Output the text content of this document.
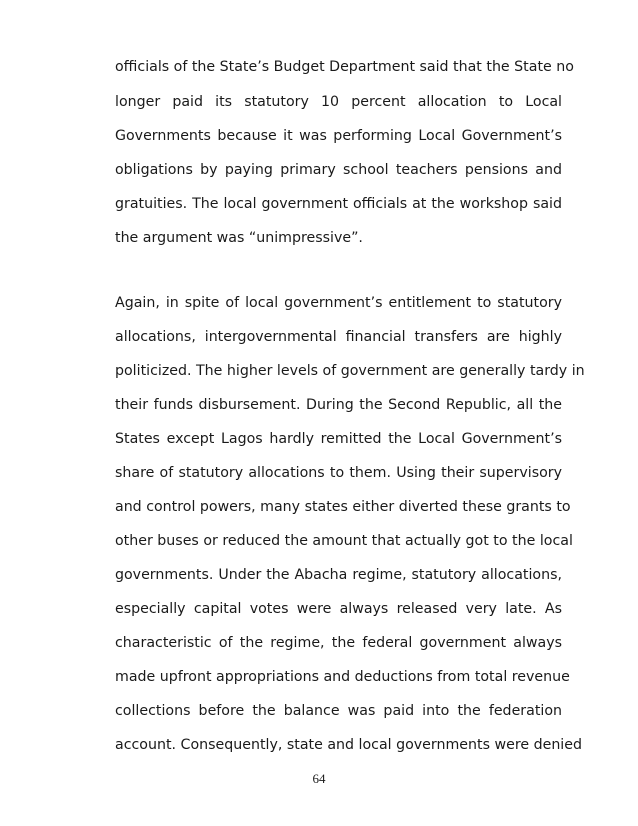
officials of the State’s Budget Department said that the State no
longer paid its statutory 10 percent allocation to Local
Governments because it was performing Local Government’s
obligations by paying primary school teachers pensions and
gratuities. The local government officials at the workshop said
the argument was “unimpressive”.
Again, in spite of local government’s entitlement to statutory
allocations, intergovernmental financial transfers are highly
politicized. The higher levels of government are generally tardy in
their funds disbursement. During the Second Republic, all the
States except Lagos hardly remitted the Local Government’s
share of statutory allocations to them. Using their supervisory
and control powers, many states either diverted these grants to
other buses or reduced the amount that actually got to the local
governments. Under the Abacha regime, statutory allocations,
especially capital votes were always released very late. As
characteristic of the regime, the federal government always
made upfront appropriations and deductions from total revenue
collections before the balance was paid into the federation
account. Consequently, state and local governments were denied
64
